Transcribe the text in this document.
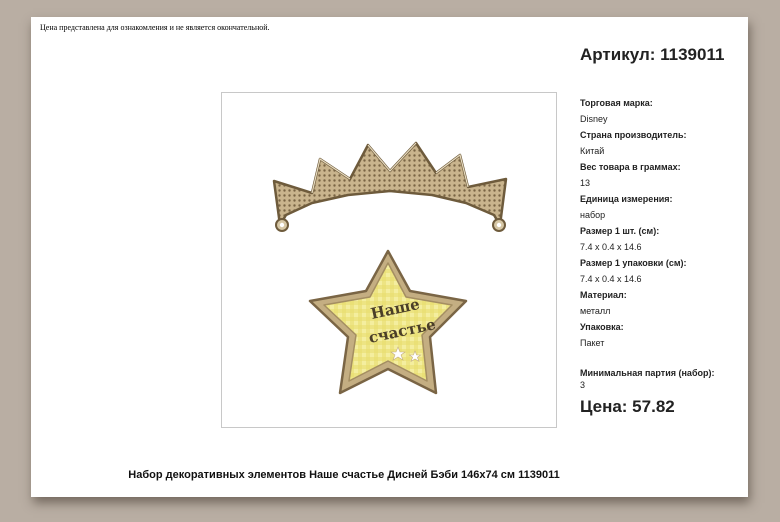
Цена представлена для ознакомления и не является окончательной.
Артикул: 1139011
Наше
счастье
Торговая марка:
Disney
Страна производитель:
Китай
Вес товара в граммах:
13
Единица измерения:
набор
Размер 1 шт. (см):
7.4 x 0.4 x 14.6
Размер 1 упаковки (см):
7.4 x 0.4 x 14.6
Материал:
металл
Упаковка:
Пакет
Минимальная партия (набор):
3
Цена: 57.82
Набор декоративных элементов Наше счастье Дисней Бэби 146х74 см 1139011
